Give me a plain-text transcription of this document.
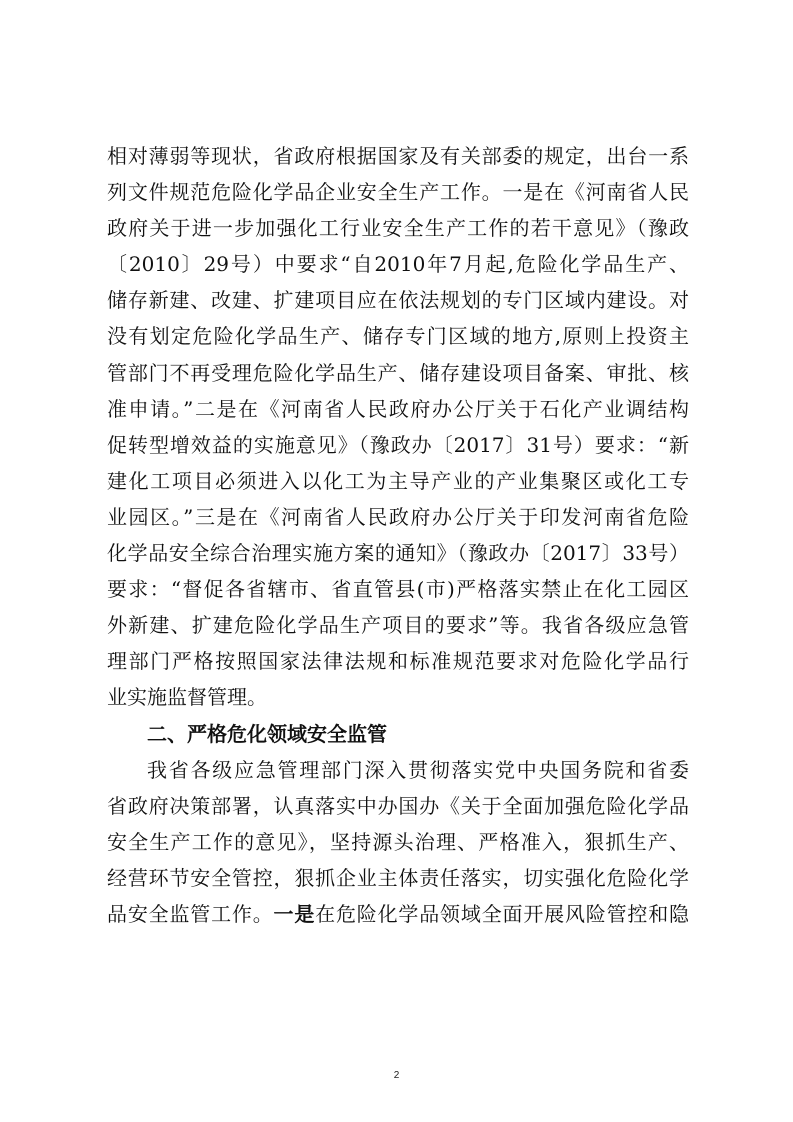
相对薄弱等现状，省政府根据国家及有关部委的规定，出台一系
列文件规范危险化学品企业安全生产工作。一是在《河南省人民
政府关于进一步加强化工行业安全生产工作的若干意见》（豫政
〔2010〕29号）中要求“自2010年7月起,危险化学品生产、
储存新建、改建、扩建项目应在依法规划的专门区域内建设。对
没有划定危险化学品生产、储存专门区域的地方,原则上投资主
管部门不再受理危险化学品生产、储存建设项目备案、审批、核
准申请。”二是在《河南省人民政府办公厅关于石化产业调结构
促转型增效益的实施意见》（豫政办〔2017〕31号）要求：“新
建化工项目必须进入以化工为主导产业的产业集聚区或化工专
业园区。”三是在《河南省人民政府办公厅关于印发河南省危险
化学品安全综合治理实施方案的通知》（豫政办〔2017〕33号）
要求：“督促各省辖市、省直管县(市)严格落实禁止在化工园区
外新建、扩建危险化学品生产项目的要求”等。我省各级应急管
理部门严格按照国家法律法规和标准规范要求对危险化学品行
业实施监督管理。
二、严格危化领域安全监管
我省各级应急管理部门深入贯彻落实党中央国务院和省委
省政府决策部署，认真落实中办国办《关于全面加强危险化学品
安全生产工作的意见》，坚持源头治理、严格准入，狠抓生产、
经营环节安全管控，狠抓企业主体责任落实，切实强化危险化学
品安全监管工作。一是在危险化学品领域全面开展风险管控和隐
2
